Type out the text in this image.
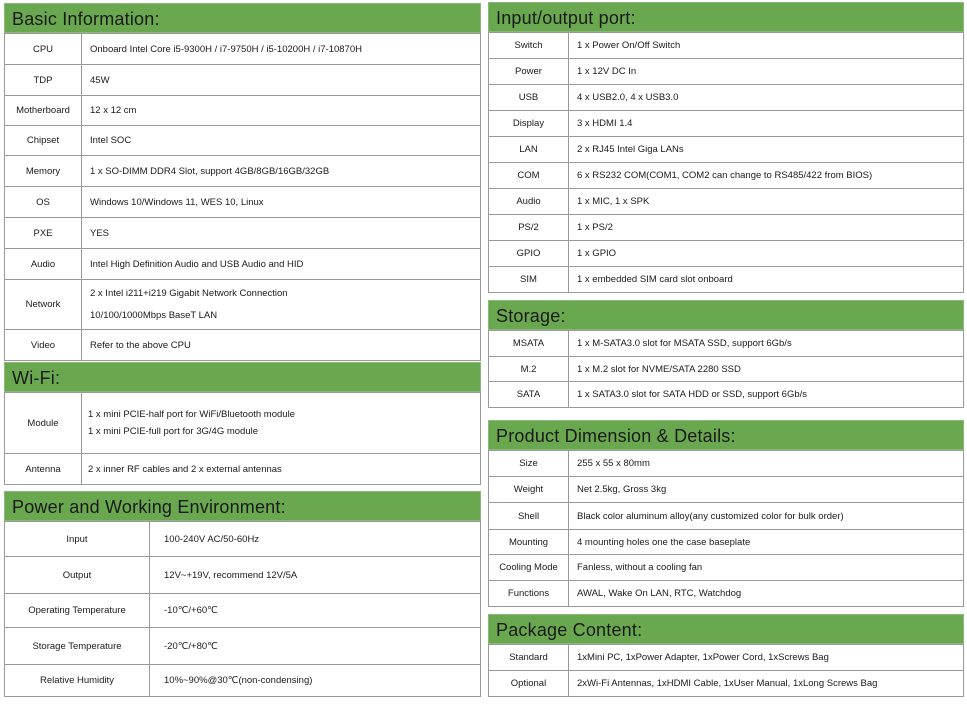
Basic Information:
CPU	Onboard Intel Core i5-9300H / i7-9750H / i5-10200H / i7-10870H
TDP	45W
Motherboard	12 x 12 cm
Chipset	Intel SOC
Memory	1 x SO-DIMM DDR4 Slot, support 4GB/8GB/16GB/32GB
OS	Windows 10/Windows 11, WES 10, Linux
PXE	YES
Audio	Intel High Definition Audio and USB Audio and HID
Network	2 x Intel i211+i219 Gigabit Network Connection
10/100/1000Mbps BaseT LAN

Video	Refer to the above CPU
Wi-Fi:
Module	1 x mini PCIE-half port for WiFi/Bluetooth module
1 x mini PCIE-full port for 3G/4G module

Antenna	2 x inner RF cables and 2 x external antennas
Power and Working Environment:
Input	100-240V AC/50-60Hz
Output	12V~+19V, recommend 12V/5A
Operating Temperature	-10℃/+60℃
Storage Temperature	-20℃/+80℃
Relative Humidity	10%~90%@30℃(non-condensing)
Input/output port:
Switch	1 x Power On/Off Switch
Power	1 x 12V DC In
USB	4 x USB2.0, 4 x USB3.0
Display	3 x HDMI 1.4
LAN	2 x RJ45 Intel Giga LANs
COM	6 x RS232 COM(COM1, COM2 can change to RS485/422 from BIOS)
Audio	1 x MIC, 1 x SPK
PS/2	1 x PS/2
GPIO	1 x GPIO
SIM	1 x embedded SIM card slot onboard
Storage:
MSATA	1 x M-SATA3.0 slot for MSATA SSD, support 6Gb/s
M.2	1 x M.2 slot for NVME/SATA 2280 SSD
SATA	1 x SATA3.0 slot for SATA HDD or SSD, support 6Gb/s
Product Dimension & Details:
Size	255 x 55 x 80mm
Weight	Net 2.5kg, Gross 3kg
Shell	Black color aluminum alloy(any customized color for bulk order)
Mounting	4 mounting holes one the case baseplate
Cooling Mode	Fanless, without a cooling fan
Functions	AWAL, Wake On LAN, RTC, Watchdog
Package Content:
Standard	1xMini PC, 1xPower Adapter, 1xPower Cord, 1xScrews Bag
Optional	2xWi-Fi Antennas, 1xHDMI Cable, 1xUser Manual, 1xLong Screws Bag
